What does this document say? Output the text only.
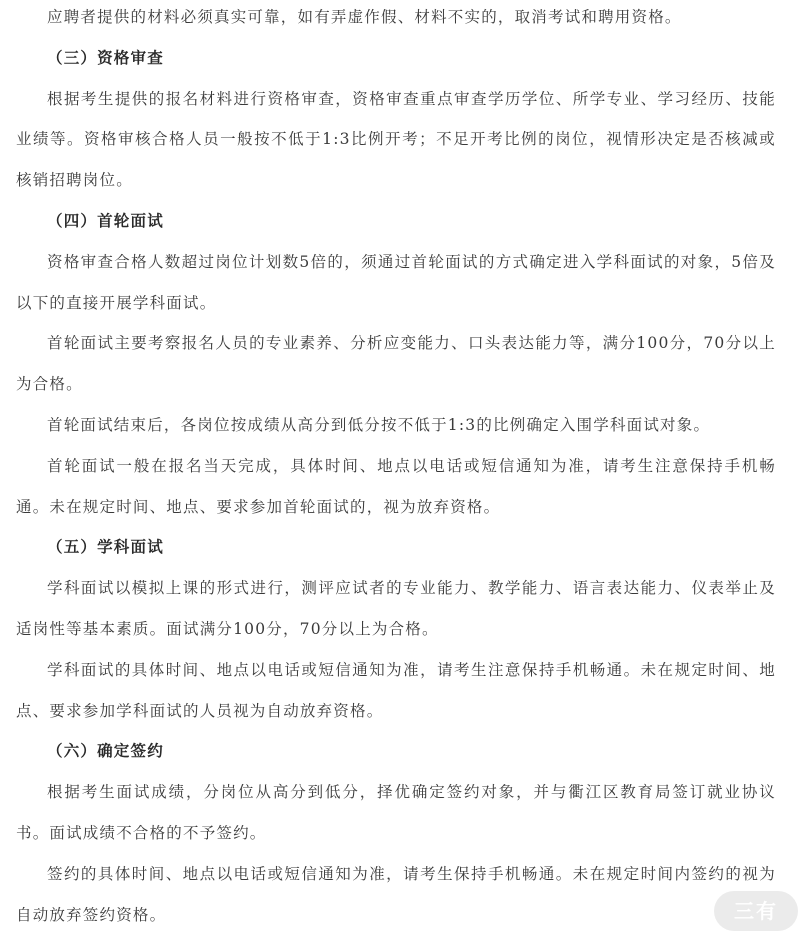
应聘者提供的材料必须真实可靠，如有弄虚作假、材料不实的，取消考试和聘用资格。

（三）资格审查

根据考生提供的报名材料进行资格审查，资格审查重点审查学历学位、所学专业、学习经历、技能业绩等。资格审核合格人员一般按不低于1:3比例开考；不足开考比例的岗位，视情形决定是否核减或核销招聘岗位。

（四）首轮面试

资格审查合格人数超过岗位计划数5倍的，须通过首轮面试的方式确定进入学科面试的对象，5倍及以下的直接开展学科面试。

首轮面试主要考察报名人员的专业素养、分析应变能力、口头表达能力等，满分100分，70分以上为合格。

首轮面试结束后，各岗位按成绩从高分到低分按不低于1:3的比例确定入围学科面试对象。

首轮面试一般在报名当天完成，具体时间、地点以电话或短信通知为准，请考生注意保持手机畅通。未在规定时间、地点、要求参加首轮面试的，视为放弃资格。

（五）学科面试

学科面试以模拟上课的形式进行，测评应试者的专业能力、教学能力、语言表达能力、仪表举止及适岗性等基本素质。面试满分100分，70分以上为合格。

学科面试的具体时间、地点以电话或短信通知为准，请考生注意保持手机畅通。未在规定时间、地点、要求参加学科面试的人员视为自动放弃资格。

（六）确定签约

根据考生面试成绩，分岗位从高分到低分，择优确定签约对象，并与衢江区教育局签订就业协议书。面试成绩不合格的不予签约。

签约的具体时间、地点以电话或短信通知为准，请考生保持手机畅通。未在规定时间内签约的视为自动放弃签约资格。	三有
